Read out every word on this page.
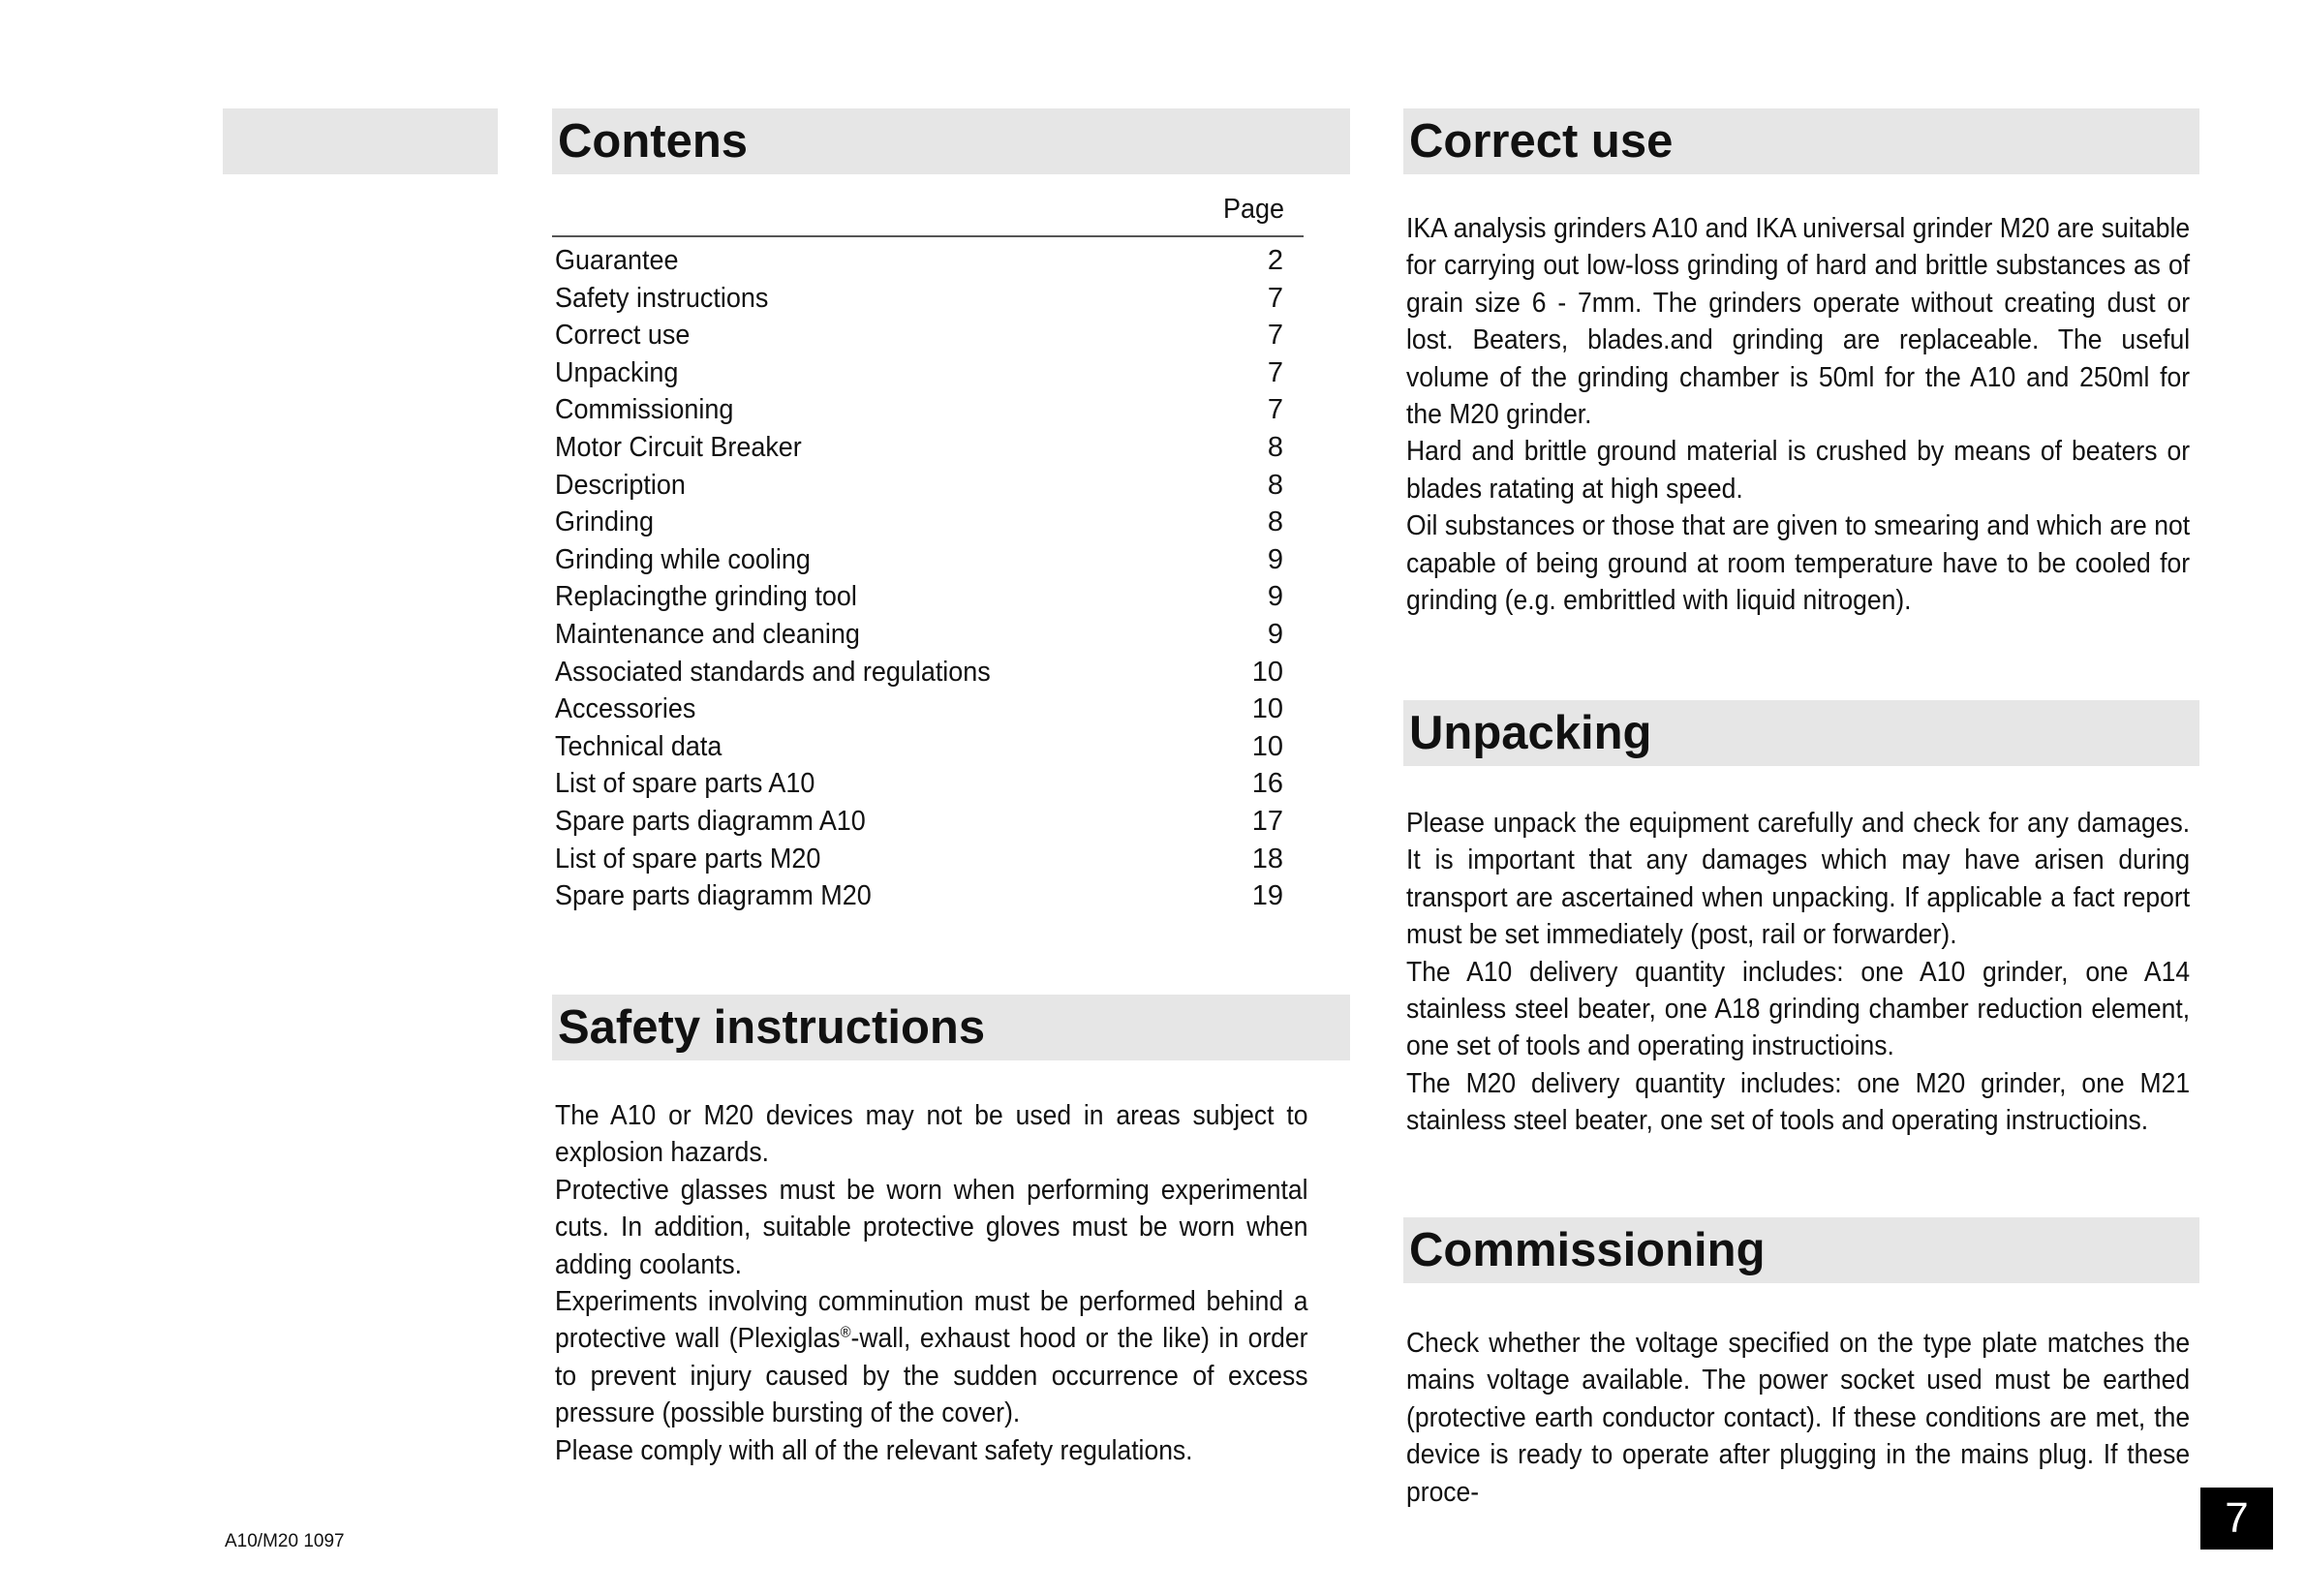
Contens
Page
Guarantee	2
Safety instructions	7
Correct use	7
Unpacking	7
Commissioning	7
Motor Circuit Breaker	8
Description	8
Grinding	8
Grinding while cooling	9
Replacingthe grinding tool	9
Maintenance and cleaning	9
Associated standards and regulations	10
Accessories	10
Technical data	10
List of spare parts A10	16
Spare parts diagramm A10	17
List of spare parts M20	18
Spare parts diagramm M20	19
Safety instructions

The A10 or M20 devices may not be used in areas subject to explosion hazards.

Protective glasses must be worn when performing experimental cuts. In addition, suitable protective gloves must be worn when adding coolants.

Experiments involving comminution must be performed behind a protective wall (Plexiglas®-wall, exhaust hood or the like) in order to prevent injury caused by the sudden occurrence of excess pressure (possible bursting of the cover).

Please comply with all of the relevant safety regulations.

Correct use

IKA analysis grinders A10 and IKA universal grinder M20 are suitable for carrying out low-loss grinding of hard and brittle substances as of grain size 6 - 7mm. The grinders operate without creating dust or lost. Beaters, blades.and grinding are replaceable. The useful volume of the grinding chamber is 50ml for the A10 and 250ml for the M20 grinder.

Hard and brittle ground material is crushed by means of beaters or blades ratating at high speed.

Oil substances or those that are given to smearing and which are not capable of being ground at room temperature have to be cooled for grinding (e.g. embrittled with liquid nitrogen).

Unpacking

Please unpack the equipment carefully and check for any damages. It is important that any damages which may have arisen during transport are ascertained when unpacking. If applicable a fact report must be set immediately (post, rail or forwarder).

The A10 delivery quantity includes: one A10 grinder, one A14 stainless steel beater, one A18 grinding chamber reduction element, one set of tools and operating instructioins.

The M20 delivery quantity includes: one M20 grinder, one M21 stainless steel beater, one set of tools and operating instructioins.

Commissioning

Check whether the voltage specified on the type plate matches the mains voltage available. The power socket used must be earthed (protective earth conductor contact). If these conditions are met, the device is ready to operate after plugging in the mains plug. If these proce-

A10/M20 1097	7
